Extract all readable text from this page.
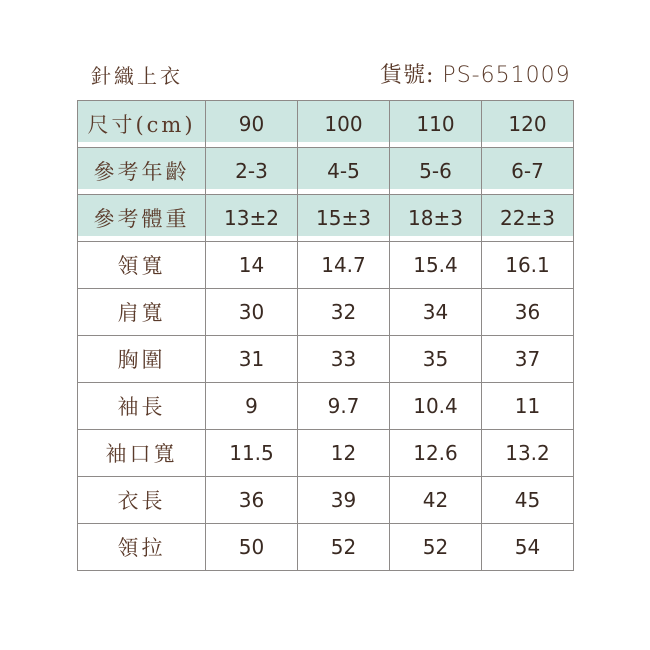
針織上衣	貨號: PS-651009
尺寸(cm)	90	100	110	120
參考年齡	2-3	4-5	5-6	6-7
參考體重	13±2	15±3	18±3	22±3
領寬	14	14.7	15.4	16.1
肩寬	30	32	34	36
胸圍	31	33	35	37
袖長	9	9.7	10.4	11
袖口寬	11.5	12	12.6	13.2
衣長	36	39	42	45
領拉	50	52	52	54
